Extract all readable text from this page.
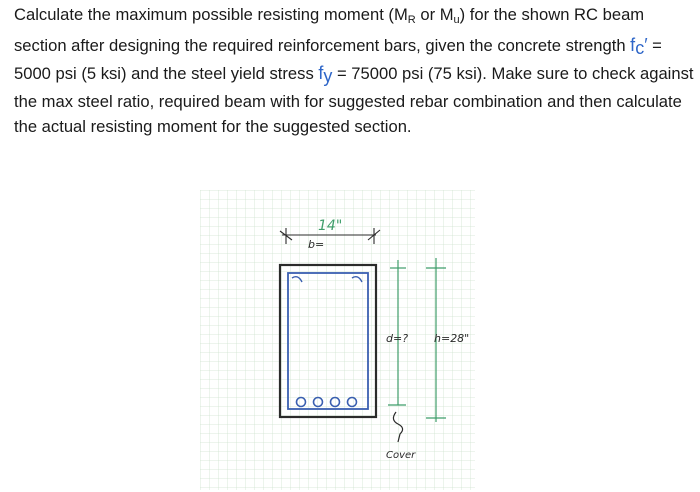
Calculate the maximum possible resisting moment ($M_R$ or $M_u$) for the shown RC beam section after designing the required reinforcement bars, given the concrete strength $f_c' = 5000$ psi (5 ksi) and the steel yield stress $f_y = 75000$ psi (75 ksi). Make sure to check against the max steel ratio, required beam with for suggested rebar combination and then calculate the actual resisting moment for the suggested section.

14"
b=
d=? h=28"
Cover
